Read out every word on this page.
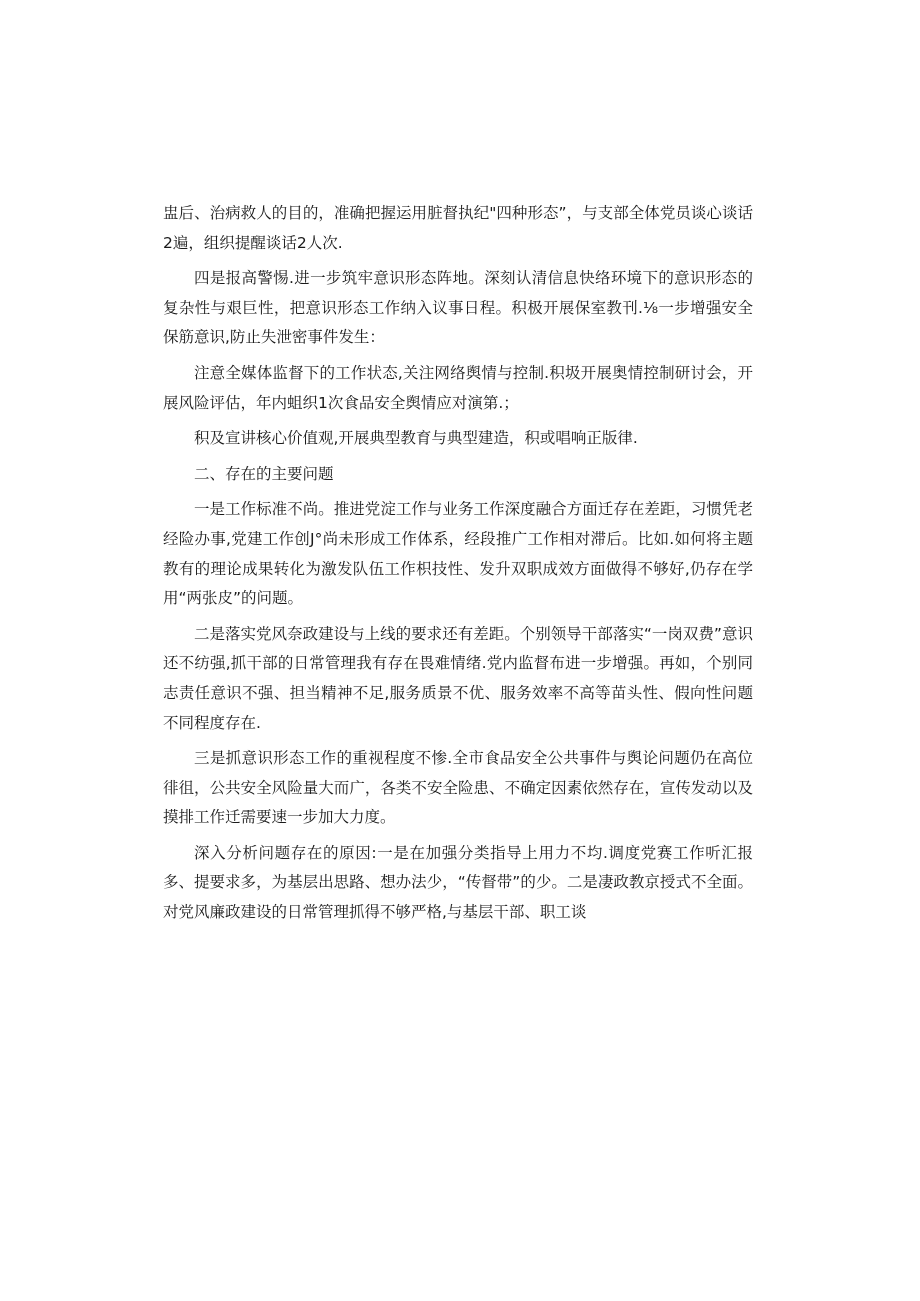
盅后、治病救人的目的，准确把握运用脏督执纪"四种形态”，与支部全体党员谈心谈话2遍，组织提醒谈话2人次.

四是报高警惕.进一步筑牢意识形态阵地。深刻认清信息快络环境下的意识形态的复杂性与艰巨性，把意识形态工作纳入议事日程。积极开展保室教刊.⅛一步增强安全保筋意识,防止失泄密事件发生：

注意全媒体监督下的工作状态,关注网络舆情与控制.积圾开展奥情控制研讨会，开展风险评估，年内蛆织1次食品安全舆情应对演第.；

积及宣讲核心价值观,开展典型教育与典型建造，积或唱响正版律.

二、存在的主要问题

一是工作标准不尚。推进党淀工作与业务工作深度融合方面迁存在差距，习惯凭老经险办事,党建工作创J°尚未形成工作体系，经段推广工作相对滞后。比如.如何将主题教有的理论成果转化为激发队伍工作枳技性、发升双职成效方面做得不够好,仍存在学用“两张皮”的问题。

二是落实党风奈政建设与上线的要求还有差距。个别领导干部落实“一岗双费”意识还不纺强,抓干部的日常管理我有存在畏难情绪.党内监督布进一步增强。再如，个别同志责任意识不强、担当精神不足,服务质景不优、服务效率不高等苗头性、假向性问题不同程度存在.

三是抓意识形态工作的重视程度不惨.全市食品安全公共事件与舆论问题仍在高位徘徂，公共安全风险量大而广，各类不安全险患、不确定因素依然存在，宣传发动以及摸排工作迁需要速一步加大力度。

深入分析问题存在的原因:一是在加强分类指导上用力不均.调度党赛工作听汇报多、提要求多，为基层出思路、想办法少，“传督带”的少。二是凄政教京授式不全面。对党风廉政建设的日常管理抓得不够严格,与基层干部、职工谈
